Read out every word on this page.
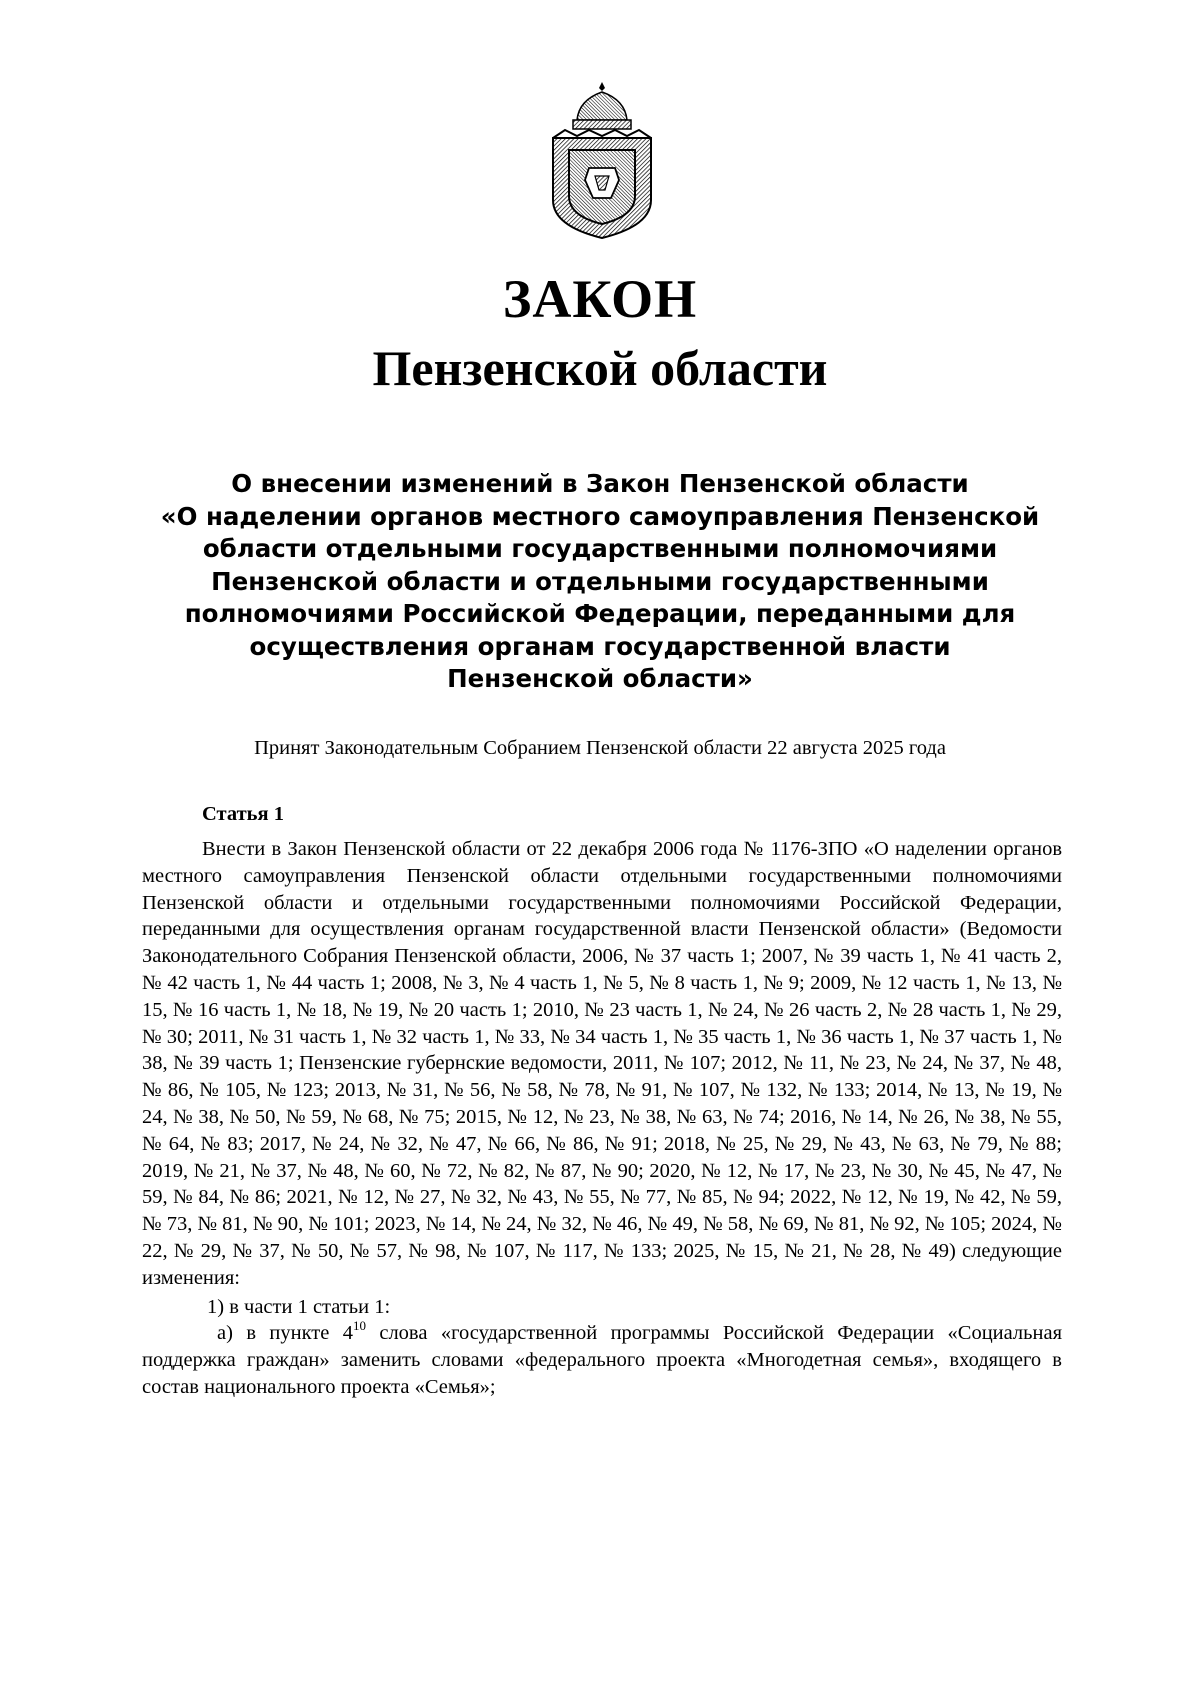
ЗАКОН
Пензенской области
О внесении изменений в Закон Пензенской области
«О наделении органов местного самоуправления Пензенской
области отдельными государственными полномочиями
Пензенской области и отдельными государственными
полномочиями Российской Федерации, переданными для
осуществления органам государственной власти
Пензенской области»
Принят Законодательным Собранием Пензенской области 22 августа 2025 года
Статья 1

Внести в Закон Пензенской области от 22 декабря 2006 года № 1176-ЗПО «О наделении органов местного самоуправления Пензенской области отдельными государственными полномочиями Пензенской области и отдельными государственными полномочиями Российской Федерации, переданными для осуществления органам государственной власти Пензенской области» (Ведомости Законодательного Собрания Пензенской области, 2006, № 37 часть 1; 2007, № 39 часть 1, № 41 часть 2, № 42 часть 1, № 44 часть 1; 2008, № 3, № 4 часть 1, № 5, № 8 часть 1, № 9; 2009, № 12 часть 1, № 13, № 15, № 16 часть 1, № 18, № 19, № 20 часть 1; 2010, № 23 часть 1, № 24, № 26 часть 2, № 28 часть 1, № 29, № 30; 2011, № 31 часть 1, № 32 часть 1, № 33, № 34 часть 1, № 35 часть 1, № 36 часть 1, № 37 часть 1, № 38, № 39 часть 1; Пензенские губернские ведомости, 2011, № 107; 2012, № 11, № 23, № 24, № 37, № 48, № 86, № 105, № 123; 2013, № 31, № 56, № 58, № 78, № 91, № 107, № 132, № 133; 2014, № 13, № 19, № 24, № 38, № 50, № 59, № 68, № 75; 2015, № 12, № 23, № 38, № 63, № 74; 2016, № 14, № 26, № 38, № 55, № 64, № 83; 2017, № 24, № 32, № 47, № 66, № 86, № 91; 2018, № 25, № 29, № 43, № 63, № 79, № 88; 2019, № 21, № 37, № 48, № 60, № 72, № 82, № 87, № 90; 2020, № 12, № 17, № 23, № 30, № 45, № 47, № 59, № 84, № 86; 2021, № 12, № 27, № 32, № 43, № 55, № 77, № 85, № 94; 2022, № 12, № 19, № 42, № 59, № 73, № 81, № 90, № 101; 2023, № 14, № 24, № 32, № 46, № 49, № 58, № 69, № 81, № 92, № 105; 2024, № 22, № 29, № 37, № 50, № 57, № 98, № 107, № 117, № 133; 2025, № 15, № 21, № 28, № 49) следующие изменения:

1) в части 1 статьи 1:

а) в пункте $4^{10}$ слова «государственной программы Российской Федерации «Социальная поддержка граждан» заменить словами «федерального проекта «Многодетная семья», входящего в состав национального проекта «Семья»;
